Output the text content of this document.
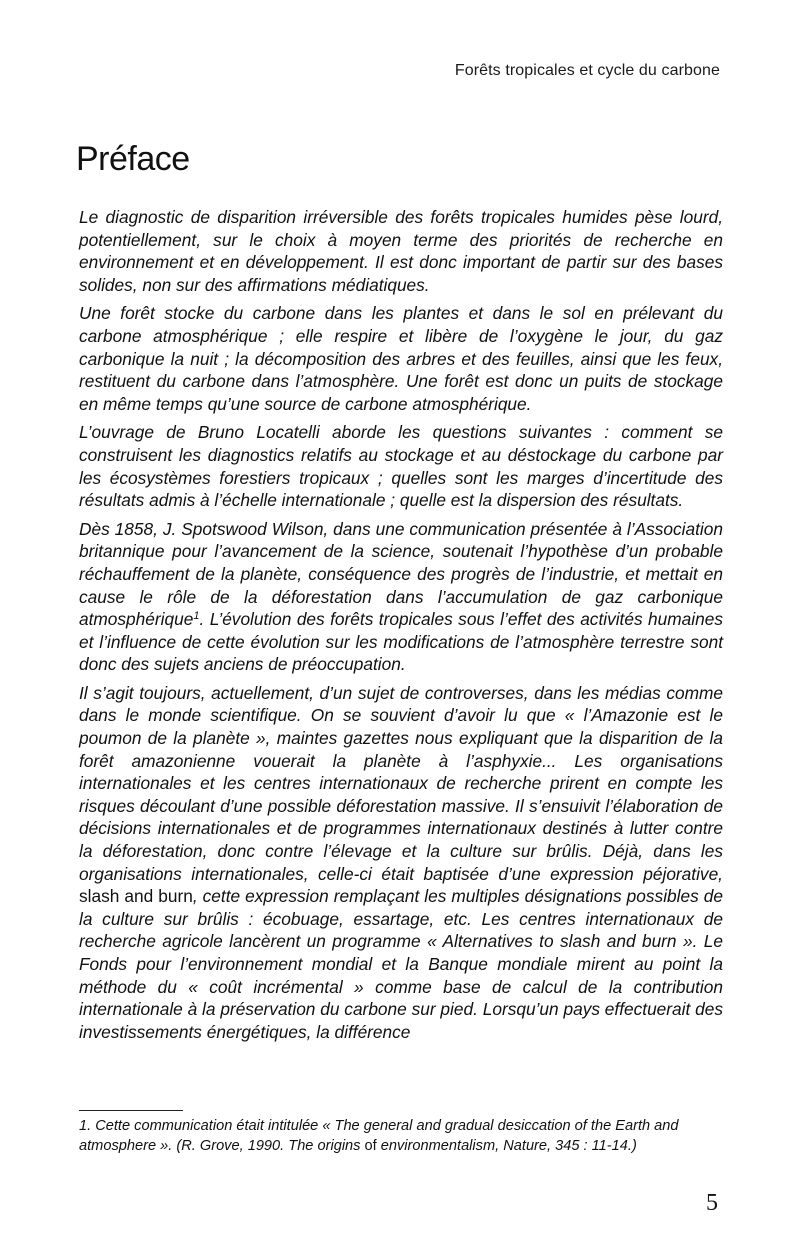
Forêts tropicales et cycle du carbone
Préface

Le diagnostic de disparition irréversible des forêts tropicales humides pèse lourd, potentiellement, sur le choix à moyen terme des priorités de recherche en environnement et en développement. Il est donc important de partir sur des bases solides, non sur des affirmations médiatiques.

Une forêt stocke du carbone dans les plantes et dans le sol en prélevant du carbone atmosphérique ; elle respire et libère de l’oxygène le jour, du gaz carbonique la nuit ; la décomposition des arbres et des feuilles, ainsi que les feux, restituent du carbone dans l’atmosphère. Une forêt est donc un puits de stockage en même temps qu’une source de carbone atmosphérique.

L’ouvrage de Bruno Locatelli aborde les questions suivantes : comment se construisent les diagnostics relatifs au stockage et au déstockage du carbone par les écosystèmes forestiers tropicaux ; quelles sont les marges d’incertitude des résultats admis à l’échelle internationale ; quelle est la dispersion des résultats.

Dès 1858, J. Spotswood Wilson, dans une communication présentée à l’Association britannique pour l’avancement de la science, soutenait l’hypothèse d’un probable réchauffement de la planète, conséquence des progrès de l’industrie, et mettait en cause le rôle de la déforestation dans l’accumulation de gaz carbonique atmosphérique$^1$. L’évolution des forêts tropicales sous l’effet des activités humaines et l’influence de cette évolution sur les modifications de l’atmosphère terrestre sont donc des sujets anciens de préoccupation.

Il s’agit toujours, actuellement, d’un sujet de controverses, dans les médias comme dans le monde scientifique. On se souvient d’avoir lu que « l’Amazonie est le poumon de la planète », maintes gazettes nous expliquant que la disparition de la forêt amazonienne vouerait la planète à l’asphyxie... Les organisations internationales et les centres internationaux de recherche prirent en compte les risques découlant d’une possible déforestation massive. Il s’ensuivit l’élaboration de décisions internationales et de programmes internationaux destinés à lutter contre la déforestation, donc contre l’élevage et la culture sur brûlis. Déjà, dans les organisations internationales, celle-ci était baptisée d’une expression péjorative, slash and burn, cette expression remplaçant les multiples désignations possibles de la culture sur brûlis : écobuage, essartage, etc. Les centres internationaux de recherche agricole lancèrent un programme « Alternatives to slash and burn ». Le Fonds pour l’environnement mondial et la Banque mondiale mirent au point la méthode du « coût incrémental » comme base de calcul de la contribution internationale à la préservation du carbone sur pied. Lorsqu’un pays effectuerait des investissements énergétiques, la différence

1. Cette communication était intitulée « The general and gradual desiccation of the Earth and atmosphere ». (R. Grove, 1990. The origins of environmentalism, Nature, 345 : 11-14.)

5
